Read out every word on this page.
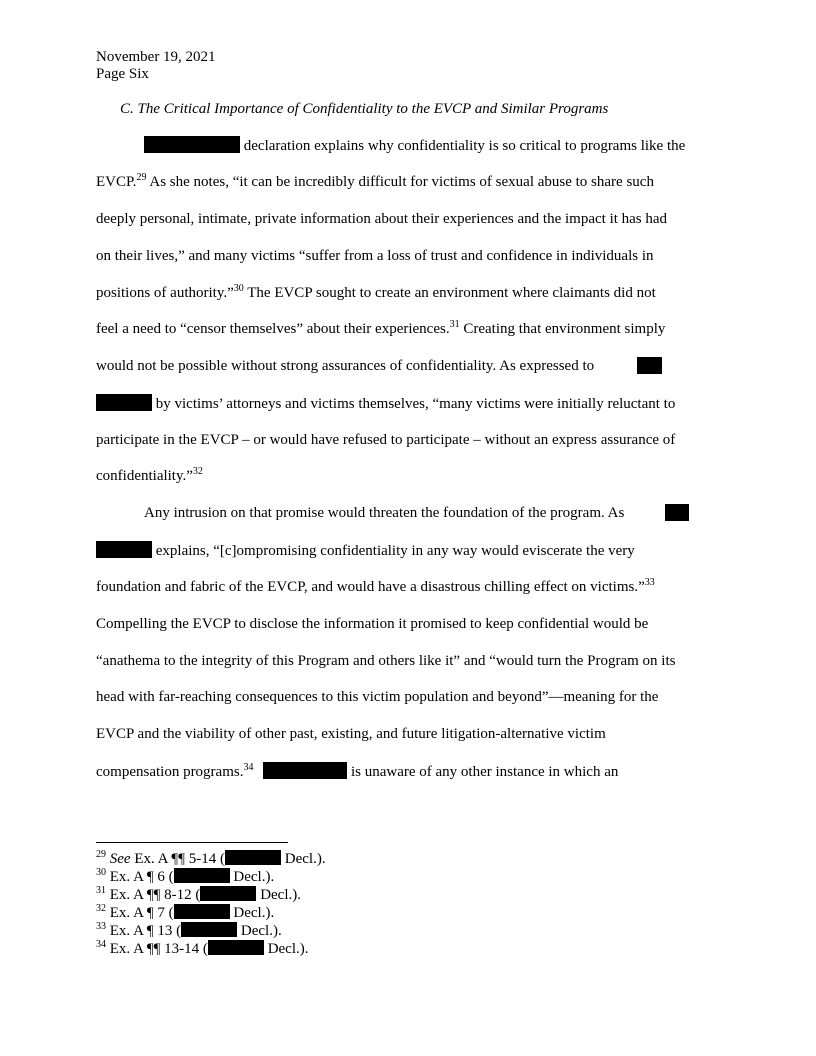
November 19, 2021
Page Six
C. The Critical Importance of Confidentiality to the EVCP and Similar Programs
declaration explains why confidentiality is so critical to programs like the
EVCP.$^{29}$ As she notes, “it can be incredibly difficult for victims of sexual abuse to share such
deeply personal, intimate, private information about their experiences and the impact it has had
on their lives,” and many victims “suffer from a loss of trust and confidence in individuals in
positions of authority.”$^{30}$ The EVCP sought to create an environment where claimants did not
feel a need to “censor themselves” about their experiences.$^{31}$ Creating that environment simply
would not be possible without strong assurances of confidentiality. As expressed to
by victims’ attorneys and victims themselves, “many victims were initially reluctant to
participate in the EVCP – or would have refused to participate – without an express assurance of
confidentiality.”$^{32}$
Any intrusion on that promise would threaten the foundation of the program. As
explains, “[c]ompromising confidentiality in any way would eviscerate the very
foundation and fabric of the EVCP, and would have a disastrous chilling effect on victims.”$^{33}$
Compelling the EVCP to disclose the information it promised to keep confidential would be
“anathema to the integrity of this Program and others like it” and “would turn the Program on its
head with far-reaching consequences to this victim population and beyond”—meaning for the
EVCP and the viability of other past, existing, and future litigation-alternative victim
compensation programs.$^{34}$	is unaware of any other instance in which an
$^{29}$ See Ex. A ¶¶ 5-14 (	Decl.).
$^{30}$ Ex. A ¶ 6 (	Decl.).
$^{31}$ Ex. A ¶¶ 8-12 (	Decl.).
$^{32}$ Ex. A ¶ 7 (	Decl.).
$^{33}$ Ex. A ¶ 13 (	Decl.).
$^{34}$ Ex. A ¶¶ 13-14 (	Decl.).
